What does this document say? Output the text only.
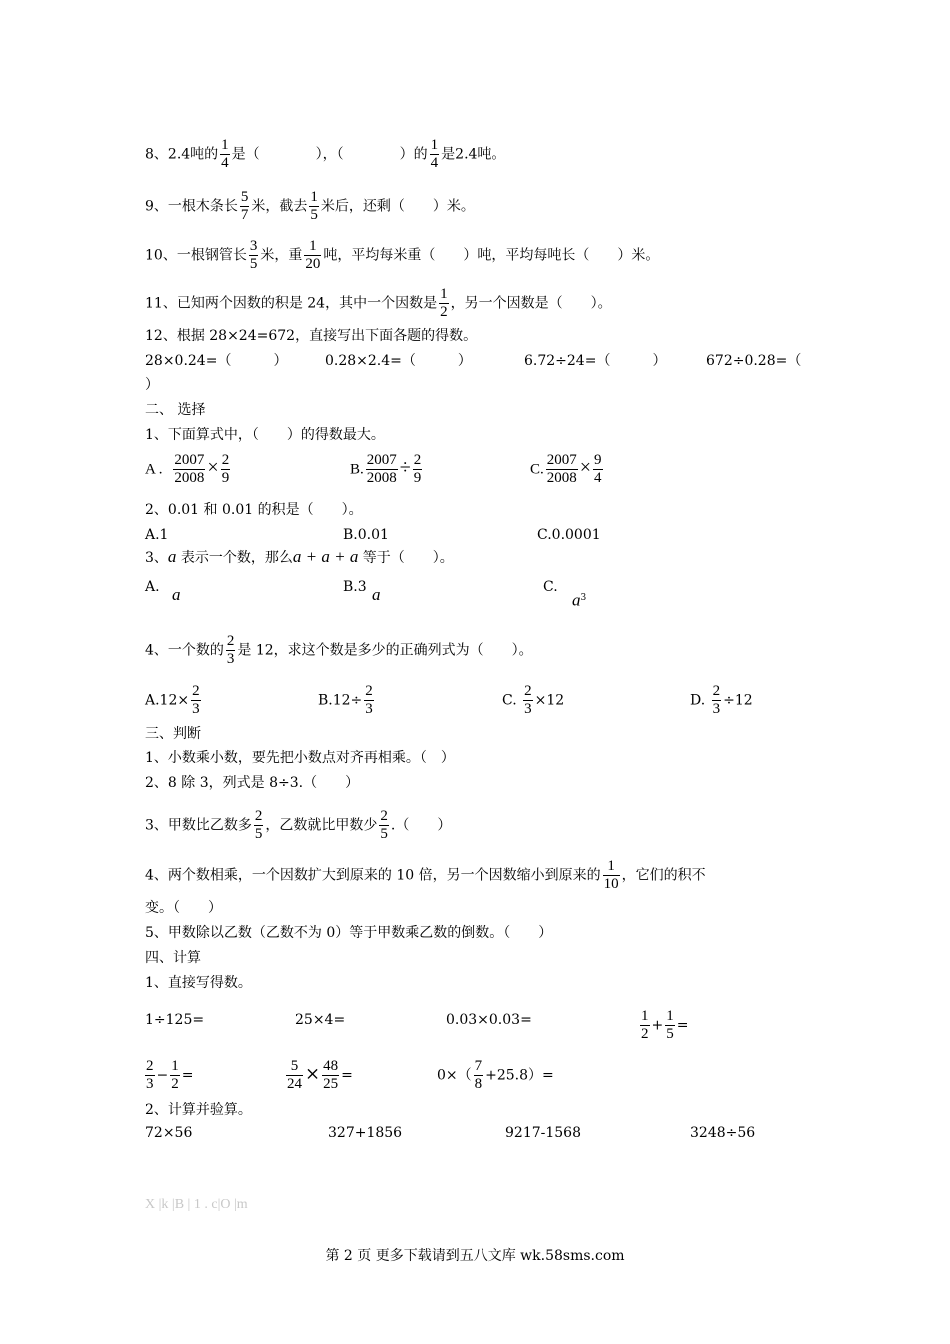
8、2.4吨的 $\frac{1}{4}$ 是（　　　　），（　　　　）的 $\frac{1}{4}$ 是2.4吨。
9、一根木条长 $\frac{5}{7}$ 米，截去 $\frac{1}{5}$ 米后，还剩（　　）米。
10、一根钢管长 $\frac{3}{5}$ 米，重 $\frac{1}{20}$ 吨，平均每米重（　　）吨，平均每吨长（　　）米。
11、已知两个因数的积是 24，其中一个因数是 $\frac{1}{2}$ ，另一个因数是（　　）。
12、根据 28×24=672，直接写出下面各题的得数。
28×0.24=（　　　）	0.28×2.4=（　　　）	6.72÷24=（　　　）	672÷0.28=（
）
二、 选择
1、下面算式中，（　　）的得数最大。
A . $\frac{2007}{2008} \times \frac{2}{9}$	B. $\frac{2007}{2008} \div \frac{2}{9}$	C. $\frac{2007}{2008} \times \frac{9}{4}$
2、0.01 和 0.01 的积是（　　）。
A.1	B.0.01	C.0.0001
3、a 表示一个数，那么a + a + a 等于（　　）。
A. a	B.3 a	C.
$a^3$
4、一个数的 $\frac{2}{3}$ 是 12，求这个数是多少的正确列式为（　　）。
$A.12\times \frac{2}{3}$	$B.12\div \frac{2}{3}$	C. $\frac{2}{3} \times 12$	D. $\frac{2}{3} \div 12$
三、判断
1、小数乘小数，要先把小数点对齐再相乘。（　）
2、8 除 3，列式是 8÷3.（　　）
3、甲数比乙数多 $\frac{2}{5}$ ，乙数就比甲数少 $\frac{2}{5}$ .（　　）
4、两个数相乘，一个因数扩大到原来的 10 倍，另一个因数缩小到原来的 $\frac{1}{10}$ ，它们的积不
变。（　　）
5、甲数除以乙数（乙数不为 0）等于甲数乘乙数的倒数。（　　）
四、计算
1、直接写得数。
1÷125=	25×4=	0.03×0.03=	$\frac{1}{2} + \frac{1}{5}$ =
$\frac{2}{3} - \frac{1}{2}$ =	$\frac{5}{24} \times \frac{48}{25}$ =	$0\times( \frac{7}{8} +25.8)=$
2、计算并验算。
72×56	327+1856	9217-1568	3248÷56
X |k |B | 1 . c|O |m
第 2 页 更多下载请到五八文库 wk.58sms.com
